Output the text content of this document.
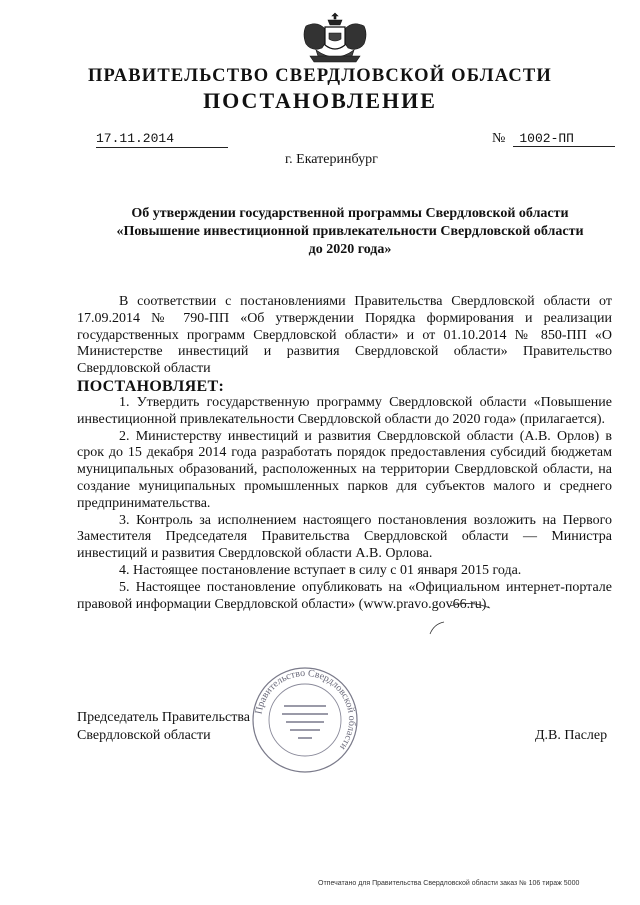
ПРАВИТЕЛЬСТВО СВЕРДЛОВСКОЙ ОБЛАСТИ
ПОСТАНОВЛЕНИЕ
17.11.2014	№ 1002-ПП
г. Екатеринбург
Об утверждении государственной программы Свердловской области
«Повышение инвестиционной привлекательности Свердловской области
до 2020 года»

В соответствии с постановлениями Правительства Свердловской области от 17.09.2014 № 790-ПП «Об утверждении Порядка формирования и реализации государственных программ Свердловской области» и от 01.10.2014 № 850-ПП «О Министерстве инвестиций и развития Свердловской области» Правительство Свердловской области

ПОСТАНОВЛЯЕТ:

1. Утвердить государственную программу Свердловской области «Повышение инвестиционной привлекательности Свердловской области до 2020 года» (прилагается).

2. Министерству инвестиций и развития Свердловской области (А.В. Орлов) в срок до 15 декабря 2014 года разработать порядок предоставления субсидий бюджетам муниципальных образований, расположенных на территории Свердловской области, на создание муниципальных промышленных парков для субъектов малого и среднего предпринимательства.

3. Контроль за исполнением настоящего постановления возложить на Первого Заместителя Председателя Правительства Свердловской области — Министра инвестиций и развития Свердловской области А.В. Орлова.

4. Настоящее постановление вступает в силу с 01 января 2015 года.

5. Настоящее постановление опубликовать на «Официальном интернет-портале правовой информации Свердловской области» (www.pravo.gov66.ru).

Правительство Свердловской области
Председатель Правительства
Свердловской области	Д.В. Паслер
Отпечатано для Правительства Свердловской области заказ № 106 тираж 5000
